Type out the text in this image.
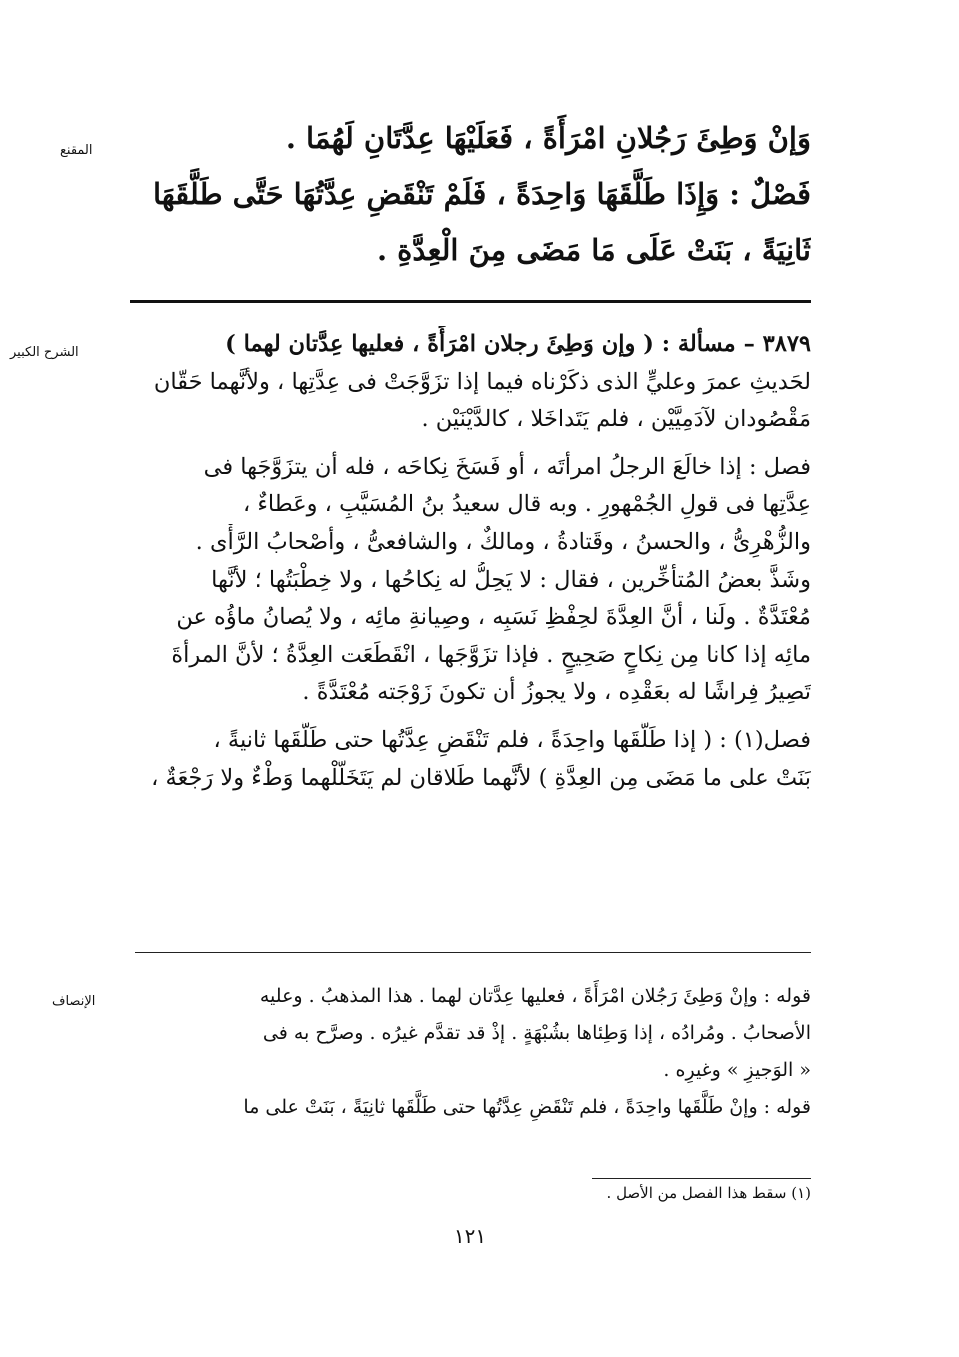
المقنع
الشرح الكبير
الإنصاف
وَإنْ وَطِئَ رَجُلانِ امْرَأَةً ، فَعَلَيْهَا عِدَّتَانِ لَهُمَا .
فَصْلٌ : وَإِذَا طَلَّقَهَا وَاحِدَةً ، فَلَمْ تَنْقَضِ عِدَّتُهَا حَتَّى طَلَّقَهَا
ثَانِيَةً ، بَنَتْ عَلَى مَا مَضَى مِنَ الْعِدَّةِ .
٣٨٧٩ – مسألة : ( وإن وَطِئَ رجلان امْرَأَةً ، فعليها عِدَّتان لهما )
لحَديثِ عمرَ وعليٍّ الذى ذكَرْناه فيما إذا تزَوَّجَتْ فى عِدَّتِها ، ولأنَّهما حَقّان
مَقْصُودان لآدَمِيَّيْن ، فلم يَتَداخَلا ، كالدَّيْنَيْن .
فصل : إذا خالَعَ الرجلُ امرأتَه ، أو فَسَخَ نِكاحَه ، فله أن يتزَوَّجَها فى
عِدَّتِها فى قولِ الجُمْهورِ . وبه قال سعيدُ بنُ المُسَيَّبِ ، وعَطاءٌ ،
والزُّهْرِىُّ ، والحسنُ ، وقَتادةُ ، ومالكٌ ، والشافعىُّ ، وأصْحابُ الرَّأْى .
وشَذَّ بعضُ المُتأخِّرين ، فقال : لا يَحِلُّ له نِكاحُها ، ولا خِطْبَتُها ؛ لأنَّها
مُعْتَدَّةٌ . ولَنا ، أنَّ العِدَّةَ لحِفْظِ نَسَبِه ، وصِيانةِ مائِه ، ولا يُصانُ ماؤُه عن
مائِه إذا كانا مِن نِكاحٍ صَحِيحٍ . فإذا تزَوَّجَها ، انْقَطَعَت العِدَّةُ ؛ لأنَّ المرأةَ
تَصِيرُ فِراشًا له بعَقْدِه ، ولا يجوزُ أن تكونَ زَوْجَته مُعْتَدَّةً .
فصل(١) : ( إذا طَلَّقَها واحِدَةً ، فلم تَنْقَضِ عِدَّتُها حتى طَلَّقَها ثانيةً ،
بَنَتْ على ما مَضَى مِن العِدَّةِ ) لأنَّهما طَلاقان لم يَتَخَلَّلْهما وَطْءٌ ولا رَجْعَةٌ ،
قوله : وإنْ وَطِئَ رَجُلان امْرَأَةً ، فعليها عِدَّتان لهما . هذا المذهبُ . وعليه
الأصحابُ . ومُرادُه ، إذا وَطِئاها بشُبْهَةٍ . إذْ قد تقدَّم غيرُه . وصرَّح به فى
« الوَجيزِ » وغيرِه .
قوله : وإنْ طَلَّقَها واحِدَةً ، فلم تَنْقَضِ عِدَّتُها حتى طَلَّقَها ثانِيَةً ، بَنَتْ على ما
(١) سقط هذا الفصل من الأصل .
١٢١
